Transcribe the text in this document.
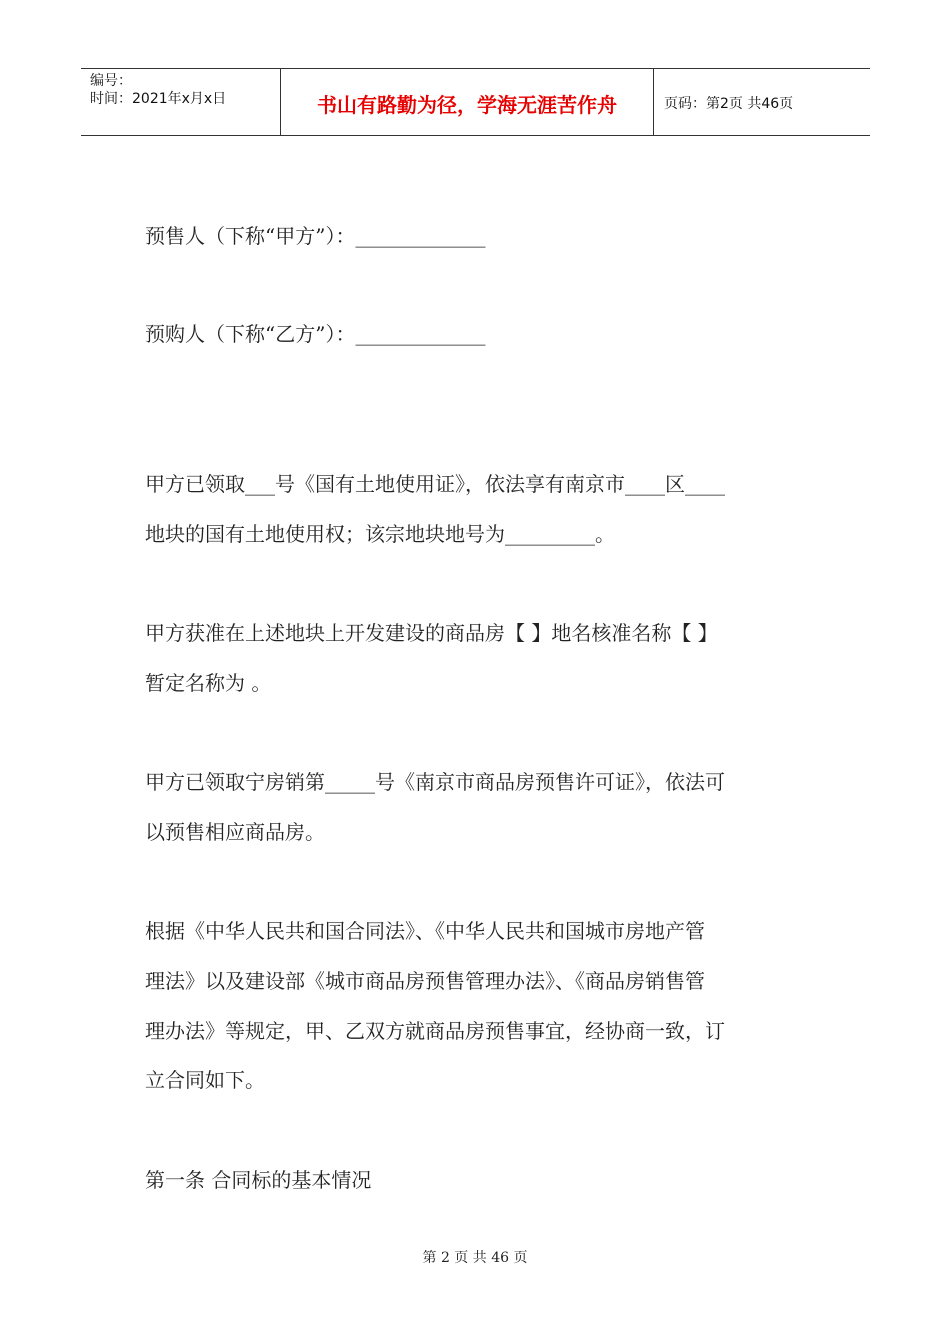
编号：
时间：2021年x月x日	书山有路勤为径，学海无涯苦作舟	页码：第2页 共46页
预售人（下称“甲方”）：_____________
预购人（下称“乙方”）：_____________
甲方已领取___号《国有土地使用证》，依法享有南京市____区____
地块的国有土地使用权；该宗地块地号为_________。
甲方获准在上述地块上开发建设的商品房【 】地名核准名称【 】
暂定名称为 。
甲方已领取宁房销第_____号《南京市商品房预售许可证》，依法可
以预售相应商品房。
根据《中华人民共和国合同法》、《中华人民共和国城市房地产管
理法》以及建设部《城市商品房预售管理办法》、《商品房销售管
理办法》等规定，甲、乙双方就商品房预售事宜，经协商一致，订
立合同如下。
第一条 合同标的基本情况
第 2 页 共 46 页
